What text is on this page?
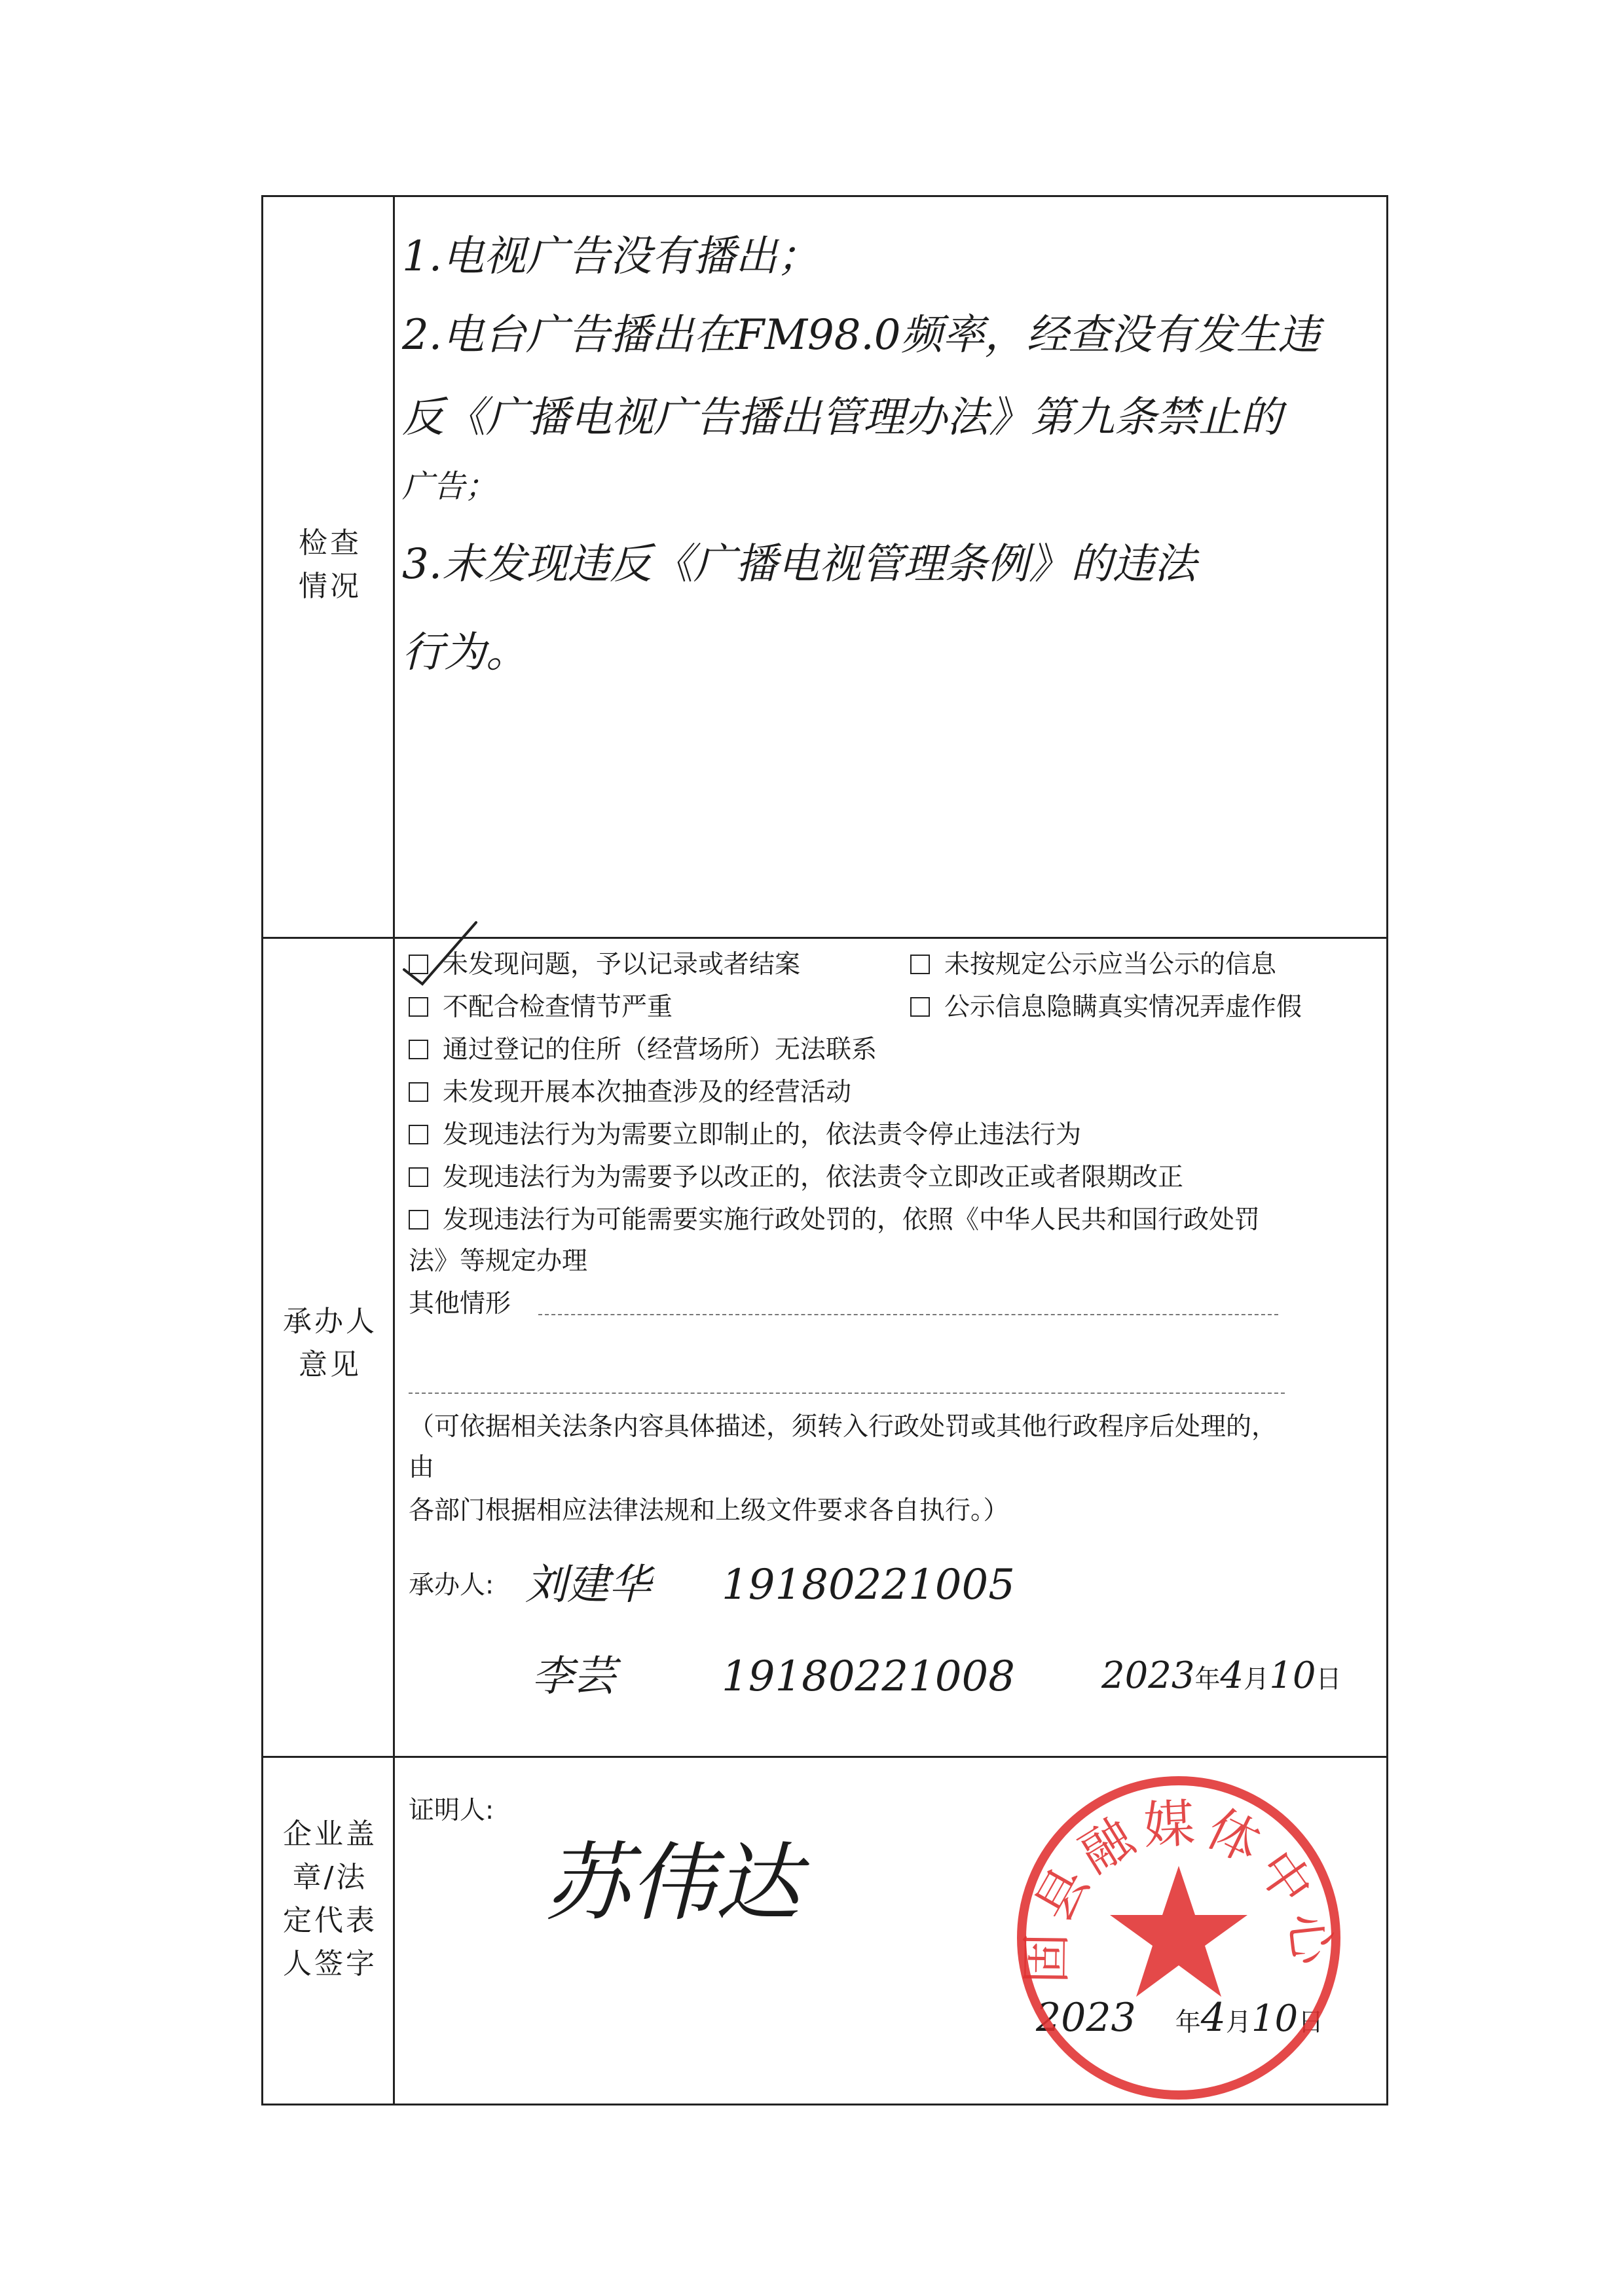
检查
情况
1.电视广告没有播出；
2.电台广告播出在FM98.0频率，经查没有发生违
反《广播电视广告播出管理办法》第九条禁止的
广告；
3.未发现违反《广播电视管理条例》的违法
行为。
承办人
意见
未发现问题，予以记录或者结案	未按规定公示应当公示的信息
不配合检查情节严重	公示信息隐瞒真实情况弄虚作假
通过登记的住所（经营场所）无法联系
未发现开展本次抽查涉及的经营活动
发现违法行为为需要立即制止的，依法责令停止违法行为
发现违法行为为需要予以改正的，依法责令立即改正或者限期改正
发现违法行为可能需要实施行政处罚的，依照《中华人民共和国行政处罚
法》等规定办理
其他情形
（可依据相关法条内容具体描述，须转入行政处罚或其他行政程序后处理的，
由
各部门根据相应法律法规和上级文件要求各自执行。）
承办人: 刘建华 19180221005
李芸	19180221008 2023年4月10日
企业盖
章/法
定代表
人签字
证明人:
苏伟达
2023 年4月10日
固县融媒体中心
